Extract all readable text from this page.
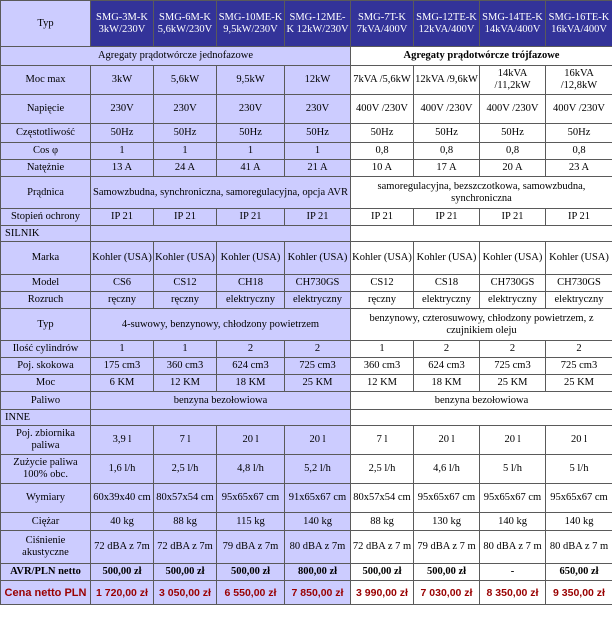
Typ	SMG-3M-K 3kW/230V	SMG-6M-K 5,6kW/230V	SMG-10ME-K 9,5kW/230V	SMG-12ME-K 12kW/230V	SMG-7T-K 7kVA/400V	SMG-12TE-K 12kVA/400V	SMG-14TE-K 14kVA/400V	SMG-16TE-K 16kVA/400V
Agregaty prądotwórcze jednofazowe					Agregaty prądotwórcze trójfazowe			
Moc max	3kW	5,6kW	9,5kW	12kW	7kVA /5,6kW	12kVA /9,6kW	14kVA /11,2kW	16kVA /12,8kW
Napięcie	230V	230V	230V	230V	400V /230V	400V /230V	400V /230V	400V /230V
Częstotliwość	50Hz	50Hz	50Hz	50Hz	50Hz	50Hz	50Hz	50Hz
Cos φ	1	1	1	1	0,8	0,8	0,8	0,8
Natężnie	13 A	24 A	41 A	21 A	10 A	17 A	20 A	23 A
Prądnica	Samowzbudna, synchroniczna, samoregulacyjna, opcja AVR				samoregulacyjna, bezszczotkowa, samowzbudna, synchroniczna			
Stopień ochrony	IP 21	IP 21	IP 21	IP 21	IP 21	IP 21	IP 21	IP 21
SILNIK								
Marka	Kohler (USA)	Kohler (USA)	Kohler (USA)	Kohler (USA)	Kohler (USA)	Kohler (USA)	Kohler (USA)	Kohler (USA)
Model	CS6	CS12	CH18	CH730GS	CS12	CS18	CH730GS	CH730GS
Rozruch	ręczny	ręczny	elektryczny	elektryczny	ręczny	elektryczny	elektryczny	elektryczny
Typ	4-suwowy, benzynowy, chłodzony powietrzem				benzynowy, czterosuwowy, chłodzony powietrzem, z czujnikiem oleju			
Ilość cylindrów	1	1	2	2	1	2	2	2
Poj. skokowa	175 cm3	360 cm3	624 cm3	725 cm3	360 cm3	624 cm3	725 cm3	725 cm3
Moc	6 KM	12 KM	18 KM	25 KM	12 KM	18 KM	25 KM	25 KM
Paliwo	benzyna bezołowiowa				benzyna bezołowiowa			
INNE								
Poj. zbiornika paliwa	3,9 l	7 l	20 l	20 l	7 l	20 l	20 l	20 l
Zużycie paliwa 100% obc.	1,6 l/h	2,5 l/h	4,8 l/h	5,2 l/h	2,5 l/h	4,6 l/h	5 l/h	5 l/h
Wymiary	60x39x40 cm	80x57x54 cm	95x65x67 cm	91x65x67 cm	80x57x54 cm	95x65x67 cm	95x65x67 cm	95x65x67 cm
Ciężar	40 kg	88 kg	115 kg	140 kg	88 kg	130 kg	140 kg	140 kg
Ciśnienie akustyczne	72 dBA z 7m	72 dBA z 7m	79 dBA z 7m	80 dBA z 7m	72 dBA z 7 m	79 dBA z 7 m	80 dBA z 7 m	80 dBA z 7 m
AVR/PLN netto	500,00 zł	500,00 zł	500,00 zł	800,00 zł	500,00 zł	500,00 zł	-	650,00 zł
Cena netto PLN	1 720,00 zł	3 050,00 zł	6 550,00 zł	7 850,00 zł	3 990,00 zł	7 030,00 zł	8 350,00 zł	9 350,00 zł
